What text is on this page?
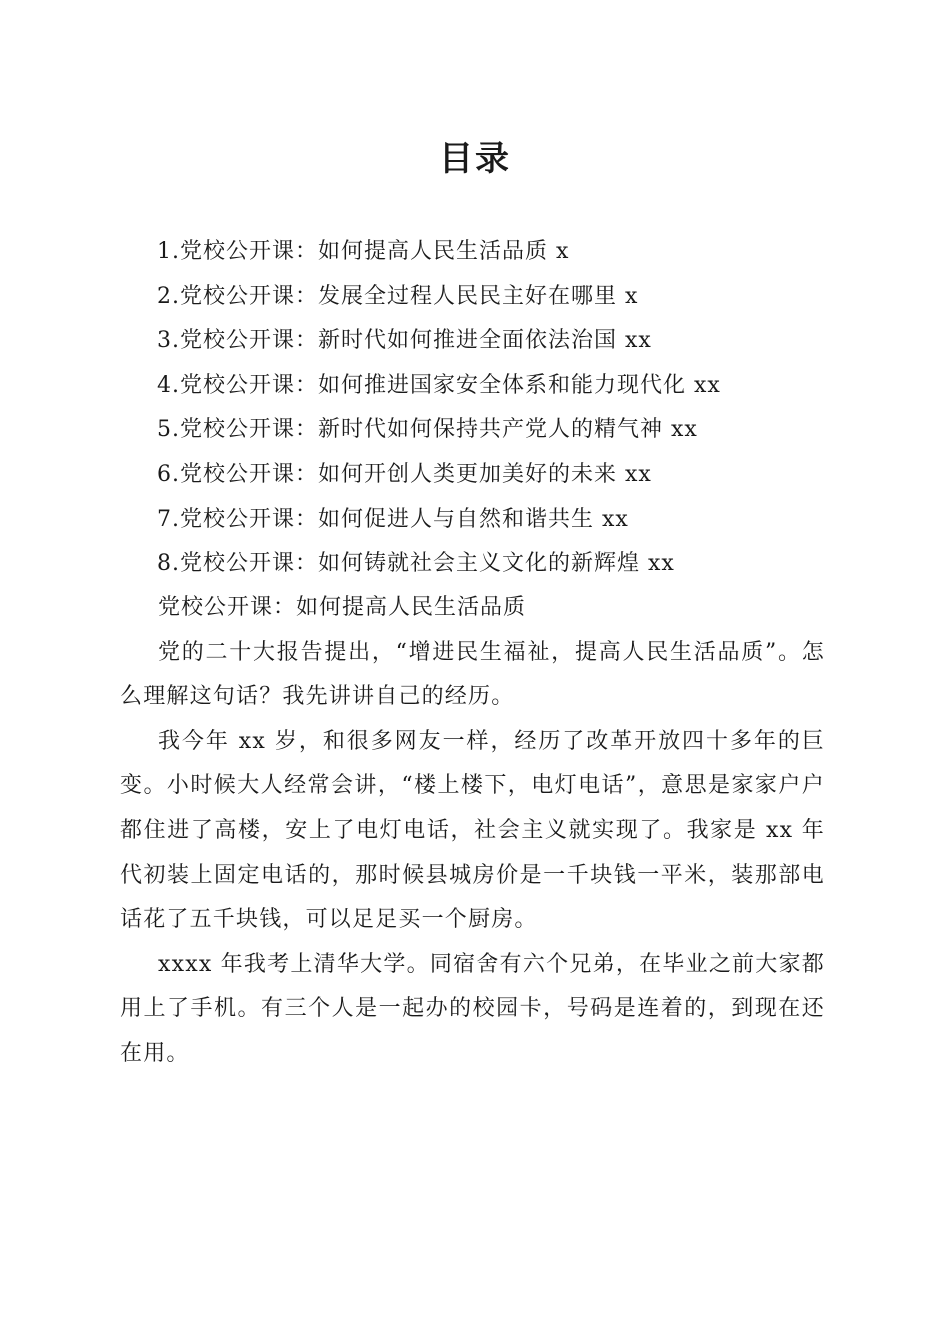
目录
1.党校公开课：如何提高人民生活品质 x
2.党校公开课：发展全过程人民民主好在哪里 x
3.党校公开课：新时代如何推进全面依法治国 xx
4.党校公开课：如何推进国家安全体系和能力现代化 xx
5.党校公开课：新时代如何保持共产党人的精气神 xx
6.党校公开课：如何开创人类更加美好的未来 xx
7.党校公开课：如何促进人与自然和谐共生 xx
8.党校公开课：如何铸就社会主义文化的新辉煌 xx

党校公开课：如何提高人民生活品质

党的二十大报告提出，“增进民生福祉，提高人民生活品质”。怎么理解这句话？我先讲讲自己的经历。

我今年 xx 岁，和很多网友一样，经历了改革开放四十多年的巨变。小时候大人经常会讲，“楼上楼下，电灯电话”，意思是家家户户都住进了高楼，安上了电灯电话，社会主义就实现了。我家是 xx 年代初装上固定电话的，那时候县城房价是一千块钱一平米，装那部电话花了五千块钱，可以足足买一个厨房。

xxxx 年我考上清华大学。同宿舍有六个兄弟，在毕业之前大家都用上了手机。有三个人是一起办的校园卡，号码是连着的，到现在还在用。
